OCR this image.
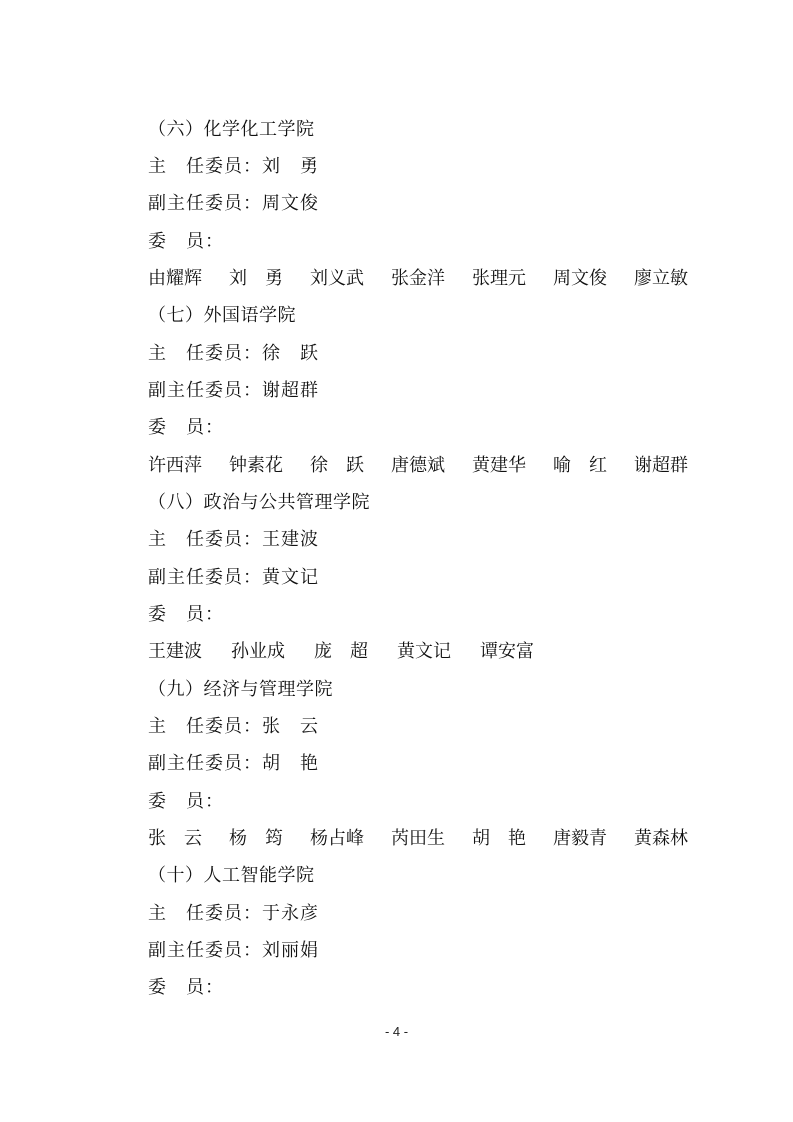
（六）化学化工学院
主　任委员：刘　勇
副主任委员：周文俊
委　员：
由耀辉 刘　勇 刘义武 张金洋 张理元 周文俊 廖立敏
（七）外国语学院
主　任委员：徐　跃
副主任委员：谢超群
委　员：
许西萍 钟素花 徐　跃 唐德斌 黄建华 喻　红 谢超群
（八）政治与公共管理学院
主　任委员：王建波
副主任委员：黄文记
委　员：
王建波 孙业成 庞　超 黄文记 谭安富
（九）经济与管理学院
主　任委员：张　云
副主任委员：胡　艳
委　员：
张　云 杨　筠 杨占峰 芮田生 胡　艳 唐毅青 黄森林
（十）人工智能学院
主　任委员：于永彦
副主任委员：刘丽娟
委　员：
- 4 -
